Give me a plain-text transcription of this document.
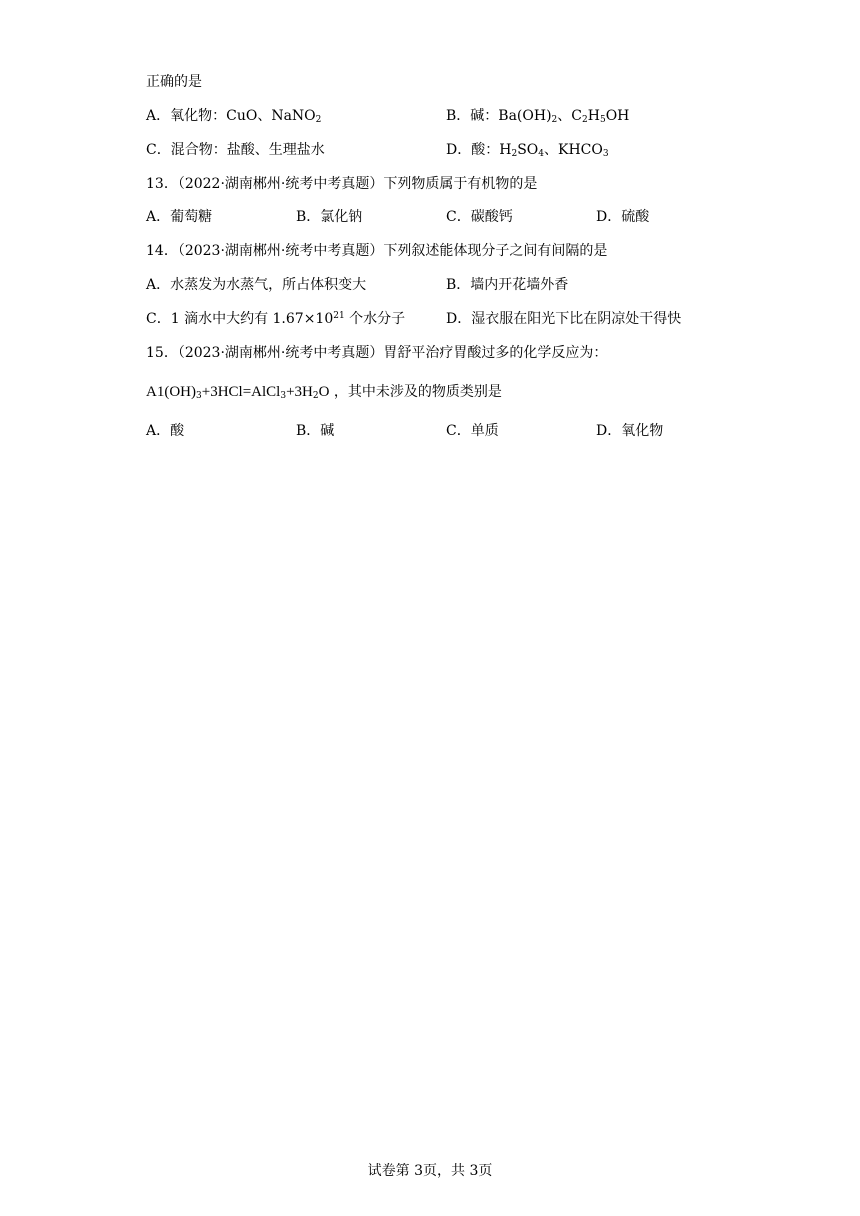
正确的是
A．氧化物：CuO、NaNO$_2$	B．碱：$Ba(OH)_2$、$C_2H_5OH$
C．混合物：盐酸、生理盐水	D．酸：$H_2SO_4$、$KHCO_3$
13．（2022·湖南郴州·统考中考真题）下列物质属于有机物的是
A．葡萄糖	B．氯化钠	C．碳酸钙	D．硫酸
14．（2023·湖南郴州·统考中考真题）下列叙述能体现分子之间有间隔的是
A．水蒸发为水蒸气，所占体积变大	B．墙内开花墙外香
C．1 滴水中大约有 $1.67\times 10^{21}$ 个水分子	D．湿衣服在阳光下比在阴凉处干得快
15．（2023·湖南郴州·统考中考真题）胃舒平治疗胃酸过多的化学反应为：
$A1(OH)_3+3HCl=AlCl_3+3H_2O$ ，其中未涉及的物质类别是
A．酸	B．碱	C．单质	D．氧化物
试卷第 3页，共 3页
